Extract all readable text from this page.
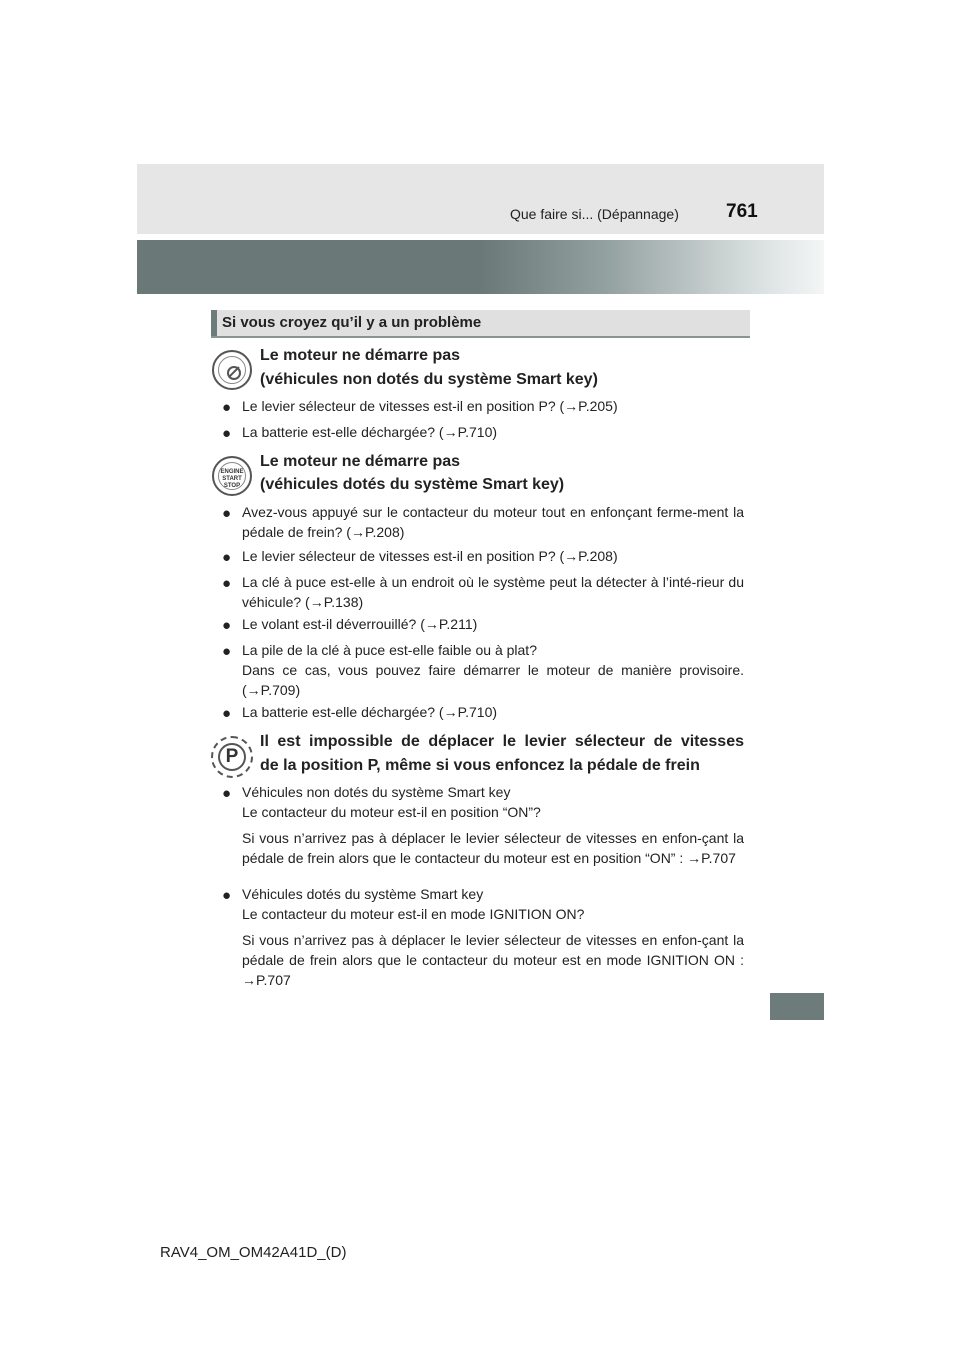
Que faire si... (Dépannage) 761
Si vous croyez qu’il y a un problème
Le moteur ne démarre pas
(véhicules non dotés du système Smart key)
● Le levier sélecteur de vitesses est-il en position P? (→P.205)
● La batterie est-elle déchargée? (→P.710)
ENGINE START STOP
Le moteur ne démarre pas
(véhicules dotés du système Smart key)
● Avez-vous appuyé sur le contacteur du moteur tout en enfonçant ferme-ment la pédale de frein? (→P.208)
● Le levier sélecteur de vitesses est-il en position P? (→P.208)
● La clé à puce est-elle à un endroit où le système peut la détecter à l’inté-rieur du véhicule? (→P.138)
● Le volant est-il déverrouillé? (→P.211)
● La pile de la clé à puce est-elle faible ou à plat?
Dans ce cas, vous pouvez faire démarrer le moteur de manière provisoire. (→P.709)
● La batterie est-elle déchargée? (→P.710)
P
Il est impossible de déplacer le levier sélecteur de vitesses
de la position P, même si vous enfoncez la pédale de frein
● Véhicules non dotés du système Smart key
Le contacteur du moteur est-il en position “ON”?
Si vous n’arrivez pas à déplacer le levier sélecteur de vitesses en enfon-çant la pédale de frein alors que le contacteur du moteur est en position “ON” : →P.707
● Véhicules dotés du système Smart key
Le contacteur du moteur est-il en mode IGNITION ON?
Si vous n’arrivez pas à déplacer le levier sélecteur de vitesses en enfon-çant la pédale de frein alors que le contacteur du moteur est en mode IGNITION ON : →P.707
RAV4_OM_OM42A41D_(D)
